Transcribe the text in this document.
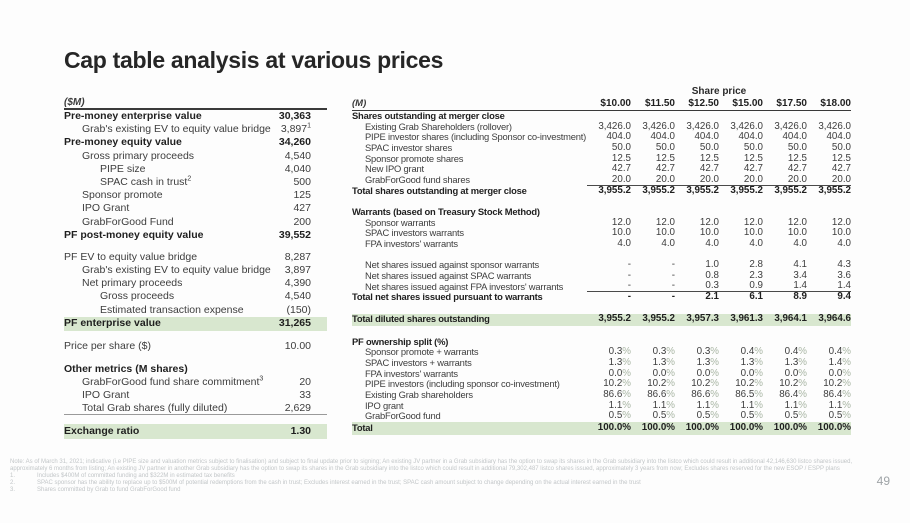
Cap table analysis at various prices
($M)
Pre-money enterprise value	30,363
Grab's existing EV to equity value bridge 3,897$^1$
Pre-money equity value	34,260
Gross primary proceeds	4,540
PIPE size	4,040
SPAC cash in trust$^2$	500
Sponsor promote	125
IPO Grant	427
GrabForGood Fund	200
PF post-money equity value	39,552
PF EV to equity value bridge	8,287
Grab's existing EV to equity value bridge 3,897
Net primary proceeds	4,390
Gross proceeds	4,540
Estimated transaction expense	(150)
PF enterprise value	31,265
Price per share ($)	10.00
Other metrics (M shares)
GrabForGood fund share commitment$^3$	20
IPO Grant	33
Total Grab shares (fully diluted)	2,629
Exchange ratio	1.30
Share price
(M)	$10.00	$11.50	$12.50	$15.00	$17.50	$18.00
Shares outstanding at merger close
Existing Grab Shareholders (rollover)	3,426.0	3,426.0	3,426.0	3,426.0	3,426.0	3,426.0
PIPE investor shares (including Sponsor co-investment)	404.0	404.0	404.0	404.0	404.0	404.0
SPAC investor shares	50.0	50.0	50.0	50.0	50.0	50.0
Sponsor promote shares	12.5	12.5	12.5	12.5	12.5	12.5
New IPO grant	42.7	42.7	42.7	42.7	42.7	42.7
GrabForGood fund shares	20.0	20.0	20.0	20.0	20.0	20.0
Total shares outstanding at merger close	3,955.2	3,955.2	3,955.2	3,955.2	3,955.2	3,955.2
Warrants (based on Treasury Stock Method)
Sponsor warrants	12.0	12.0	12.0	12.0	12.0	12.0
SPAC investors warrants	10.0	10.0	10.0	10.0	10.0	10.0
FPA investors' warrants	4.0	4.0	4.0	4.0	4.0	4.0
Net shares issued against sponsor warrants	-	-	1.0	2.8	4.1	4.3
Net shares issued against SPAC warrants	-	-	0.8	2.3	3.4	3.6
Net shares issued against FPA investors' warrants	-	-	0.3	0.9	1.4	1.4
Total net shares issued pursuant to warrants	-	-	2.1	6.1	8.9	9.4
Total diluted shares outstanding	3,955.2	3,955.2	3,957.3	3,961.3	3,964.1	3,964.6
PF ownership split (%)
Sponsor promote + warrants	0.3%	0.3%	0.3%	0.4%	0.4%	0.4%
SPAC investors + warrants	1.3%	1.3%	1.3%	1.3%	1.3%	1.4%
FPA investors' warrants	0.0%	0.0%	0.0%	0.0%	0.0%	0.0%
PIPE investors (including sponsor co-investment)	10.2%	10.2%	10.2%	10.2%	10.2%	10.2%
Existing Grab shareholders	86.6%	86.6%	86.6%	86.5%	86.4%	86.4%
IPO grant	1.1%	1.1%	1.1%	1.1%	1.1%	1.1%
GrabForGood fund	0.5%	0.5%	0.5%	0.5%	0.5%	0.5%
Total	100.0%	100.0%	100.0%	100.0%	100.0%	100.0%
Note: As of March 31, 2021; indicative (i.e PIPE size and valuation metrics subject to finalisation) and subject to final update prior to signing; An existing JV partner in a Grab subsidiary has the option to swap its shares in the Grab subsidiary into the listco which could result in additional 42,146,630 listco shares issued, approximately 6 months from listing; An existing JV partner in another Grab subsidiary has the option to swap its shares in the Grab subsidiary into the listco which could result in additional 79,302,487 listco shares issued, approximately 3 years from now; Excludes shares reserved for the new ESOP / ESPP plans
1.	Includes $400M of committed funding and $322M in estimated tax benefits
2.	SPAC sponsor has the ability to replace up to $500M of potential redemptions from the cash in trust; Excludes interest earned in the trust; SPAC cash amount subject to change depending on the actual interest earned in the trust
3.	Shares committed by Grab to fund GrabForGood fund
49
